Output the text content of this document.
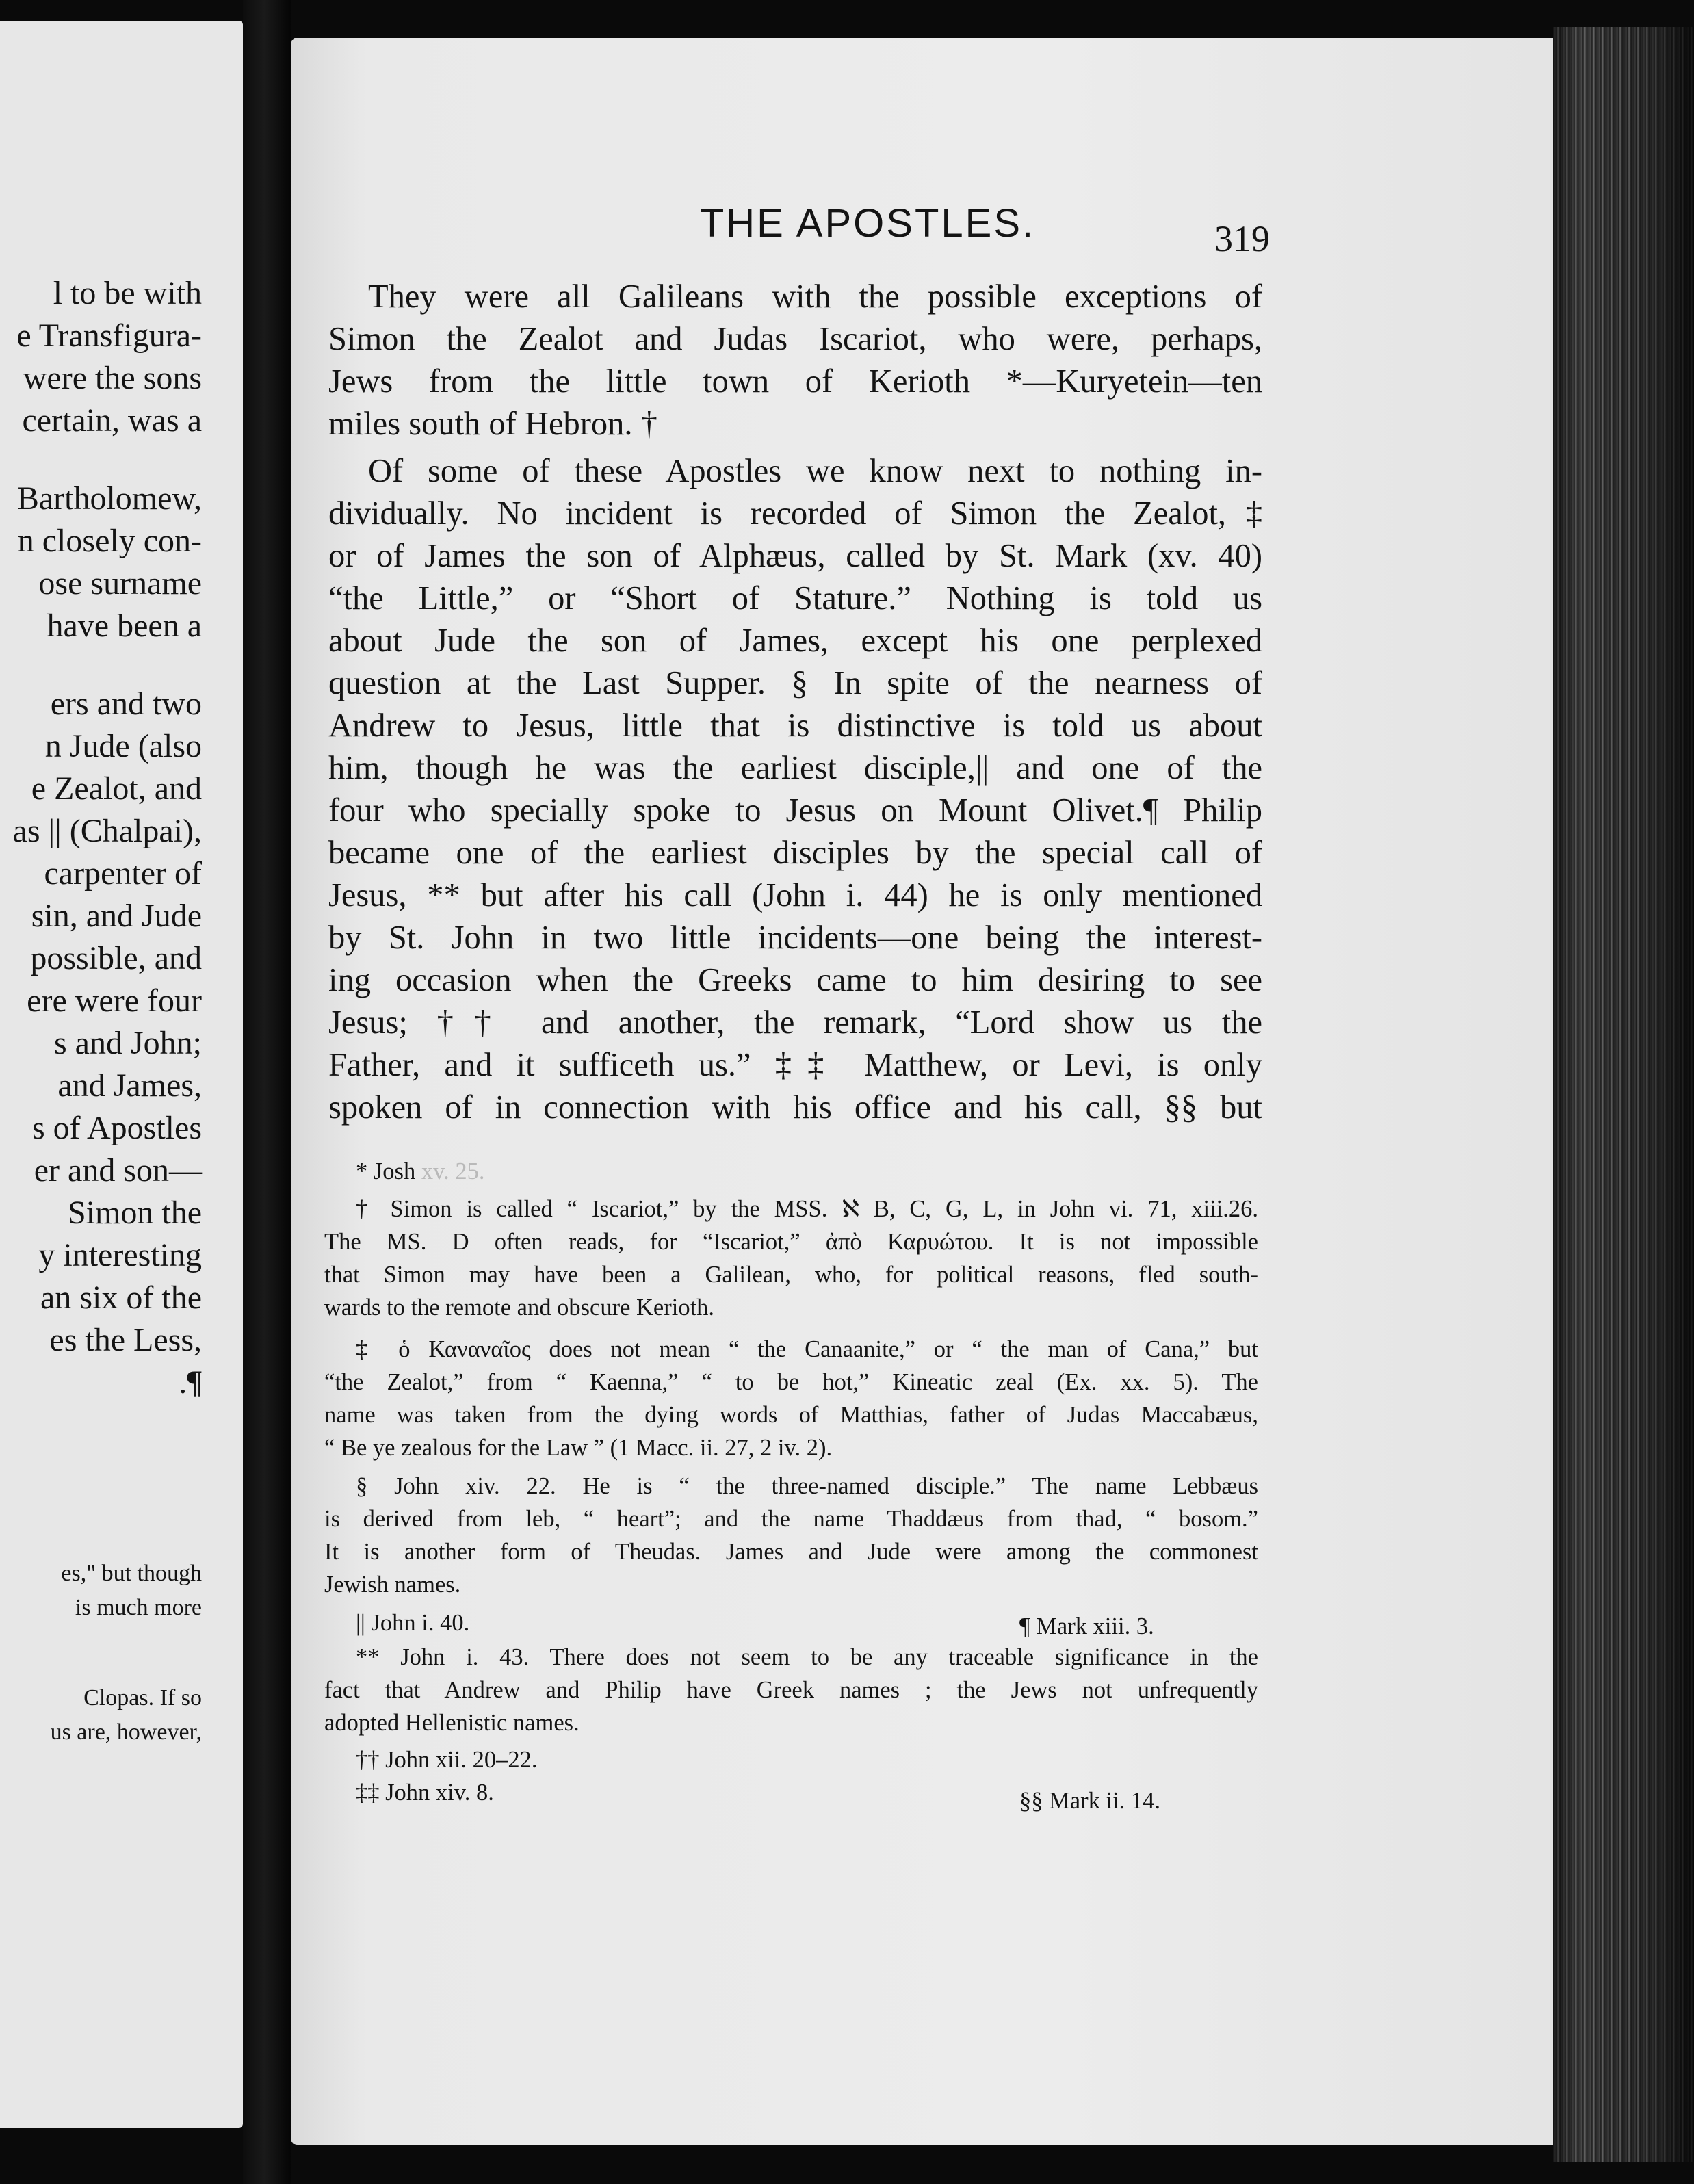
l to be with
e Transfigura-
were the sons
certain, was a
Bartholomew,
n closely con-
ose surname
have been a
ers and two
n Jude (also
e Zealot, and
as || (Chalpai),
carpenter of
sin, and Jude
possible, and
ere were four
s and John;
and James,
s of Apostles
er and son—
Simon the
y interesting
an six of the
es the Less,
.¶
es," but though
is much more
Clopas. If so
us are, however,
THE APOSTLES.	319
They were all Galileans with the possible exceptions of
Simon the Zealot and Judas Iscariot, who were, perhaps,
Jews from the little town of Kerioth *—Kuryetein—ten
miles south of Hebron. †
Of some of these Apostles we know next to nothing in-
dividually. No incident is recorded of Simon the Zealot,‡
or of James the son of Alphæus, called by St. Mark (xv. 40)
“the Little,” or “Short of Stature.” Nothing is told us
about Jude the son of James, except his one perplexed
question at the Last Supper. § In spite of the nearness of
Andrew to Jesus, little that is distinctive is told us about
him, though he was the earliest disciple,|| and one of the
four who specially spoke to Jesus on Mount Olivet.¶ Philip
became one of the earliest disciples by the special call of
Jesus, ** but after his call (John i. 44) he is only mentioned
by St. John in two little incidents—one being the interest-
ing occasion when the Greeks came to him desiring to see
Jesus; †† and another, the remark, “Lord show us the
Father, and it sufficeth us.” ‡‡ Matthew, or Levi, is only
spoken of in connection with his office and his call, §§ but
* Josh xv. 25.
† Simon is called “ Iscariot,” by the MSS. ℵ B, C, G, L, in John vi. 71, xiii.26.
The MS. D often reads, for “Iscariot,” ἀπὸ Καρυώτου. It is not impossible
that Simon may have been a Galilean, who, for political reasons, fled south-
wards to the remote and obscure Kerioth.
‡ ὁ Καναναῖος does not mean “ the Canaanite,” or “ the man of Cana,” but
“the Zealot,” from “ Kaenna,” “ to be hot,” Kineatic zeal (Ex. xx. 5). The
name was taken from the dying words of Matthias, father of Judas Maccabæus,
“ Be ye zealous for the Law ” (1 Macc. ii. 27, 2 iv. 2).
§ John xiv. 22. He is “ the three-named disciple.” The name Lebbæus
is derived from leb, “ heart”; and the name Thaddæus from thad, “ bosom.”
It is another form of Theudas. James and Jude were among the commonest
Jewish names.
|| John i. 40.	¶ Mark xiii. 3.
** John i. 43. There does not seem to be any traceable significance in the
fact that Andrew and Philip have Greek names ; the Jews not unfrequently
adopted Hellenistic names.
†† John xii. 20–22.
‡‡ John xiv. 8.	§§ Mark ii. 14.
